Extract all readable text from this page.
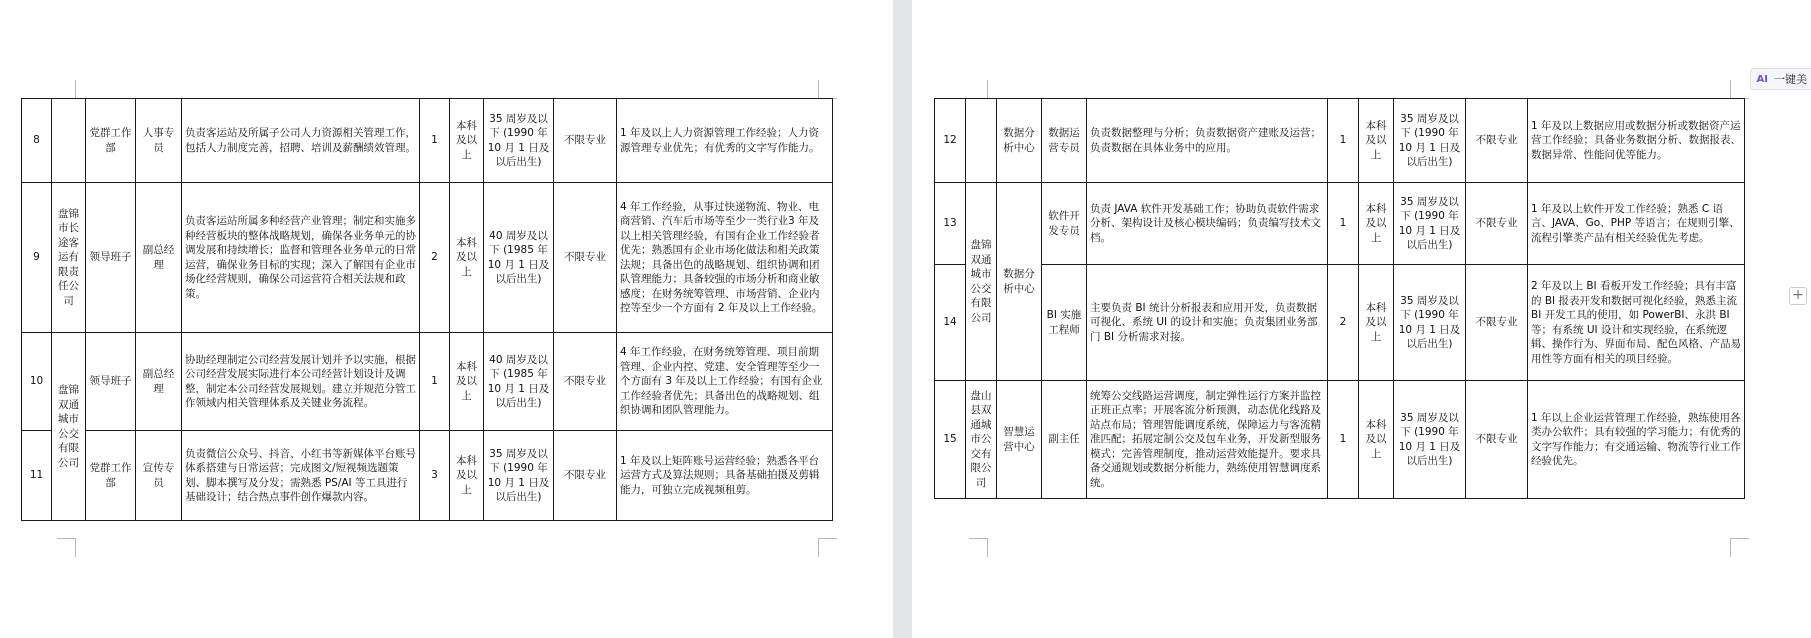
8		党群工作部	人事专员	负责客运站及所属子公司人力资源相关管理工作，包括人力制度完善，招聘、培训及薪酬绩效管理。	1	本科及以上	35 周岁及以下 (1990 年 10 月 1 日及以后出生)	不限专业	1 年及以上人力资源管理工作经验；人力资源管理专业优先；有优秀的文字写作能力。
9	盘锦市长途客运有限责任公司	领导班子	副总经理	负责客运站所属多种经营产业管理；制定和实施多种经营板块的整体战略规划，确保各业务单元的协调发展和持续增长；监督和管理各业务单元的日常运营，确保业务目标的实现；深入了解国有企业市场化经营规则，确保公司运营符合相关法规和政策。	2	本科及以上	40 周岁及以下 (1985 年 10 月 1 日及以后出生)	不限专业	4 年工作经验，从事过快递物流、物业、电商营销、汽车后市场等至少一类行业3 年及以上相关管理经验，有国有企业工作经验者优先；熟悉国有企业市场化做法和相关政策法规；具备出色的战略规划、组织协调和团队管理能力；具备较强的市场分析和商业敏感度；在财务统筹管理、市场营销、企业内控等至少一个方面有 2 年及以上工作经验。
10	盘锦双通城市公交有限公司	领导班子	副总经理	协助经理制定公司经营发展计划并予以实施，根据公司经营发展实际进行本公司经营计划设计及调整，制定本公司经营发展规划。建立并规范分管工作领域内相关管理体系及关键业务流程。	1	本科及以上	40 周岁及以下 (1985 年 10 月 1 日及以后出生)	不限专业	4 年工作经验，在财务统筹管理、项目前期管理、企业内控、党建、安全管理等至少一个方面有 3 年及以上工作经验；有国有企业工作经验者优先；具备出色的战略规划、组织协调和团队管理能力。
11		党群工作部	宣传专员	负责微信公众号、抖音、小红书等新媒体平台账号体系搭建与日常运营；完成图文/短视频选题策划、脚本撰写及分发；需熟悉 PS/AI 等工具进行基础设计；结合热点事件创作爆款内容。	3	本科及以上	35 周岁及以下 (1990 年 10 月 1 日及以后出生)	不限专业	1 年及以上矩阵账号运营经验；熟悉各平台运营方式及算法规则；具备基础拍摄及剪辑能力，可独立完成视频租剪。
12		数据分析中心	数据运营专员	负责数据整理与分析；负责数据资产建账及运营；负责数据在具体业务中的应用。	1	本科及以上	35 周岁及以下 (1990 年 10 月 1 日及以后出生)	不限专业	1 年及以上数据应用或数据分析或数据资产运营工作经验；具备业务数据分析、数据报表、数据异常、性能问优等能力。
13	盘锦双通城市公交有限公司	数据分析中心	软件开发专员	负责 JAVA 软件开发基础工作；协助负责软件需求分析、架构设计及核心模块编码；负责编写技术文档。	1	本科及以上	35 周岁及以下 (1990 年 10 月 1 日及以后出生)	不限专业	1 年及以上软件开发工作经验；熟悉 C 语言、JAVA、Go、PHP 等语言；在规则引擎、流程引擎类产品有相关经验优先考虑。
14			BI 实施工程师	主要负责 BI 统计分析报表和应用开发，负责数据可视化、系统 UI 的设计和实施；负责集团业务部门 BI 分析需求对接。	2	本科及以上	35 周岁及以下 (1990 年 10 月 1 日及以后出生)	不限专业	2 年及以上 BI 看板开发工作经验；具有丰富的 BI 报表开发和数据可视化经验，熟悉主流 BI 开发工具的使用，如 PowerBI、永洪 BI 等；有系统 UI 设计和实现经验，在系统逻辑、操作行为、界面布局、配色风格、产品易用性等方面有相关的项目经验。
15	盘山县双通城市公交有限公司	智慧运营中心	副主任	统筹公交线路运营调度，制定弹性运行方案并监控正班正点率；开展客流分析预测，动态优化线路及站点布局；管理智能调度系统，保障运力与客流精准匹配；拓展定制公交及包车业务，开发新型服务模式；完善管理制度，推动运营效能提升。要求具备交通规划或数据分析能力，熟练使用智慧调度系统。	1	本科及以上	35 周岁及以下 (1990 年 10 月 1 日及以后出生)	不限专业	1 年以上企业运营管理工作经验，熟练使用各类办公软件；具有较强的学习能力；有优秀的文字写作能力；有交通运输、物流等行业工作经验优先。
AI 一键美
+
